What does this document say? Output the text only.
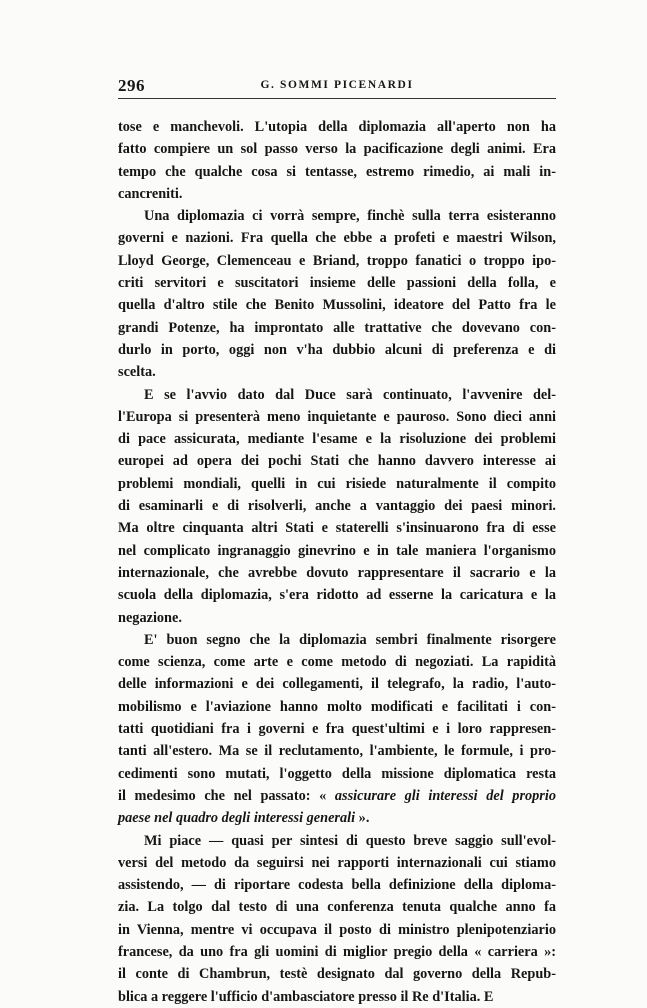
296	G. SOMMI PICENARDI
tose e manchevoli. L'utopia della diplomazia all'aperto non ha
fatto compiere un sol passo verso la pacificazione degli animi. Era
tempo che qualche cosa si tentasse, estremo rimedio, ai mali in-
cancreniti.
Una diplomazia ci vorrà sempre, finchè sulla terra esisteranno
governi e nazioni. Fra quella che ebbe a profeti e maestri Wilson,
Lloyd George, Clemenceau e Briand, troppo fanatici o troppo ipo-
criti servitori e suscitatori insieme delle passioni della folla, e
quella d'altro stile che Benito Mussolini, ideatore del Patto fra le
grandi Potenze, ha improntato alle trattative che dovevano con-
durlo in porto, oggi non v'ha dubbio alcuni di preferenza e di
scelta.
E se l'avvio dato dal Duce sarà continuato, l'avvenire del-
l'Europa si presenterà meno inquietante e pauroso. Sono dieci anni
di pace assicurata, mediante l'esame e la risoluzione dei problemi
europei ad opera dei pochi Stati che hanno davvero interesse ai
problemi mondiali, quelli in cui risiede naturalmente il compito
di esaminarli e di risolverli, anche a vantaggio dei paesi minori.
Ma oltre cinquanta altri Stati e staterelli s'insinuarono fra di esse
nel complicato ingranaggio ginevrino e in tale maniera l'organismo
internazionale, che avrebbe dovuto rappresentare il sacrario e la
scuola della diplomazia, s'era ridotto ad esserne la caricatura e la
negazione.
E' buon segno che la diplomazia sembri finalmente risorgere
come scienza, come arte e come metodo di negoziati. La rapidità
delle informazioni e dei collegamenti, il telegrafo, la radio, l'auto-
mobilismo e l'aviazione hanno molto modificati e facilitati i con-
tatti quotidiani fra i governi e fra quest'ultimi e i loro rappresen-
tanti all'estero. Ma se il reclutamento, l'ambiente, le formule, i pro-
cedimenti sono mutati, l'oggetto della missione diplomatica resta
il medesimo che nel passato: « assicurare gli interessi del proprio
paese nel quadro degli interessi generali ».
Mi piace — quasi per sintesi di questo breve saggio sull'evol-
versi del metodo da seguirsi nei rapporti internazionali cui stiamo
assistendo, — di riportare codesta bella definizione della diploma-
zia. La tolgo dal testo di una conferenza tenuta qualche anno fa
in Vienna, mentre vi occupava il posto di ministro plenipotenziario
francese, da uno fra gli uomini di miglior pregio della « carriera »:
il conte di Chambrun, testè designato dal governo della Repub-
blica a reggere l'ufficio d'ambasciatore presso il Re d'Italia. E
